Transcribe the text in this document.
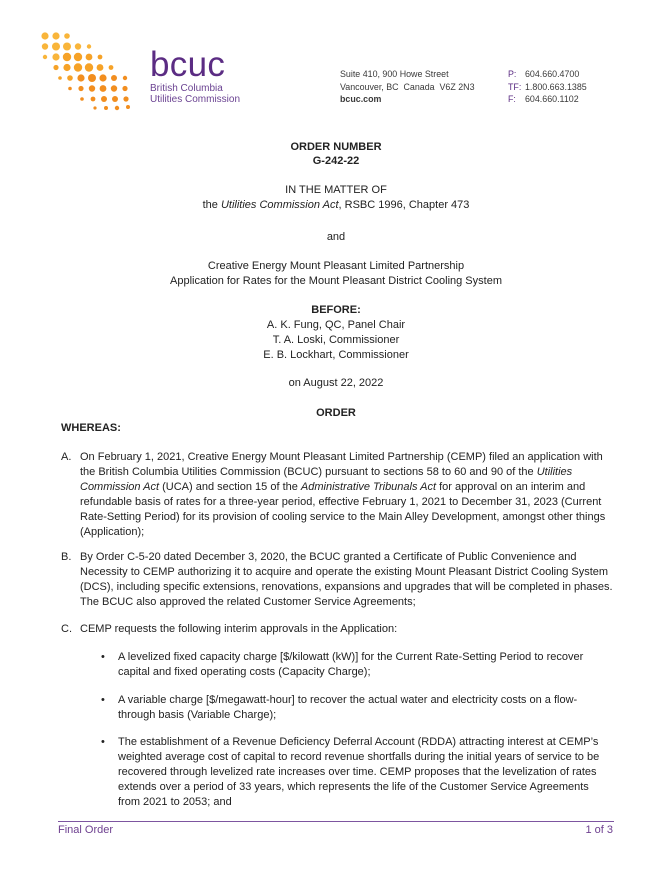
bcuc
British Columbia
Utilities Commission
Suite 410, 900 Howe Street
Vancouver, BC  Canada  V6Z 2N3
bcuc.com
P: 604.660.4700
TF: 1.800.663.1385
F:	604.660.1102
ORDER NUMBER
G-242-22
IN THE MATTER OF
the Utilities Commission Act, RSBC 1996, Chapter 473
and
Creative Energy Mount Pleasant Limited Partnership
Application for Rates for the Mount Pleasant District Cooling System
BEFORE:
A. K. Fung, QC, Panel Chair
T. A. Loski, Commissioner
E. B. Lockhart, Commissioner
on August 22, 2022
ORDER
WHEREAS:
A. On February 1, 2021, Creative Energy Mount Pleasant Limited Partnership (CEMP) filed an application with
the British Columbia Utilities Commission (BCUC) pursuant to sections 58 to 60 and 90 of the Utilities
Commission Act (UCA) and section 15 of the Administrative Tribunals Act for approval on an interim and
refundable basis of rates for a three-year period, effective February 1, 2021 to December 31, 2023 (Current
Rate-Setting Period) for its provision of cooling service to the Main Alley Development, amongst other things
(Application);
B. By Order C-5-20 dated December 3, 2020, the BCUC granted a Certificate of Public Convenience and
Necessity to CEMP authorizing it to acquire and operate the existing Mount Pleasant District Cooling System
(DCS), including specific extensions, renovations, expansions and upgrades that will be completed in phases.
The BCUC also approved the related Customer Service Agreements;
C. CEMP requests the following interim approvals in the Application:
• A levelized fixed capacity charge [$/kilowatt (kW)] for the Current Rate-Setting Period to recover
capital and fixed operating costs (Capacity Charge);
• A variable charge [$/megawatt-hour] to recover the actual water and electricity costs on a flow-
through basis (Variable Charge);
• The establishment of a Revenue Deficiency Deferral Account (RDDA) attracting interest at CEMP’s
weighted average cost of capital to record revenue shortfalls during the initial years of service to be
recovered through levelized rate increases over time. CEMP proposes that the levelization of rates
extends over a period of 33 years, which represents the life of the Customer Service Agreements
from 2021 to 2053; and
Final Order	1 of 3
